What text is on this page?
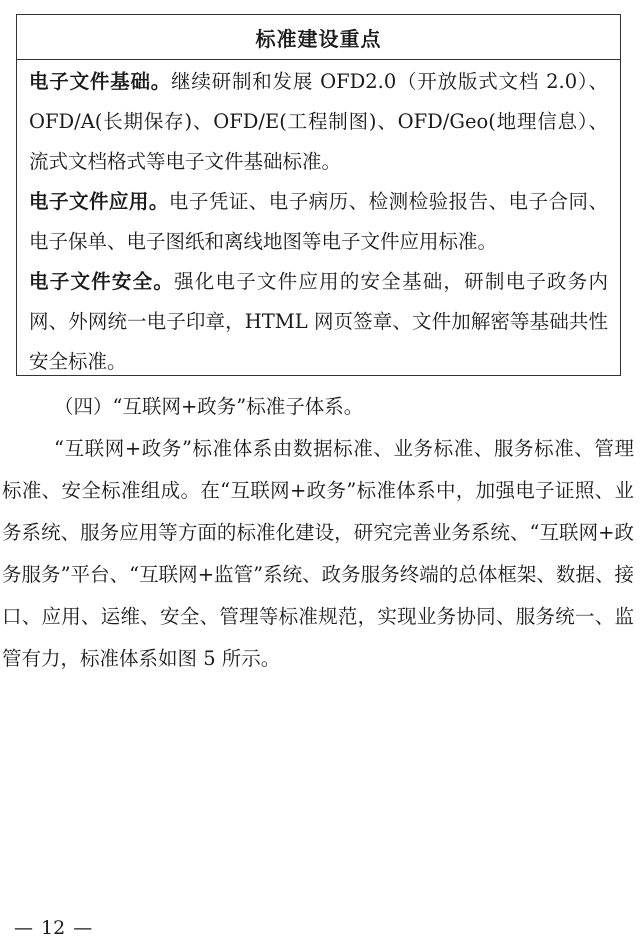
标准建设重点

电子文件基础。继续研制和发展 OFD2.0（开放版式文档 2.0）、OFD/A(长期保存)、OFD/E(工程制图)、OFD/Geo(地理信息）、流式文档格式等电子文件基础标准。

电子文件应用。电子凭证、电子病历、检测检验报告、电子合同、电子保单、电子图纸和离线地图等电子文件应用标准。

电子文件安全。强化电子文件应用的安全基础，研制电子政务内网、外网统一电子印章，HTML 网页签章、文件加解密等基础共性安全标准。

（四）“互联网+政务”标准子体系。

“互联网+政务”标准体系由数据标准、业务标准、服务标准、管理标准、安全标准组成。在“互联网+政务”标准体系中，加强电子证照、业务系统、服务应用等方面的标准化建设，研究完善业务系统、“互联网+政务服务”平台、“互联网+监管”系统、政务服务终端的总体框架、数据、接口、应用、运维、安全、管理等标准规范，实现业务协同、服务统一、监管有力，标准体系如图 5 所示。

— 12 —
